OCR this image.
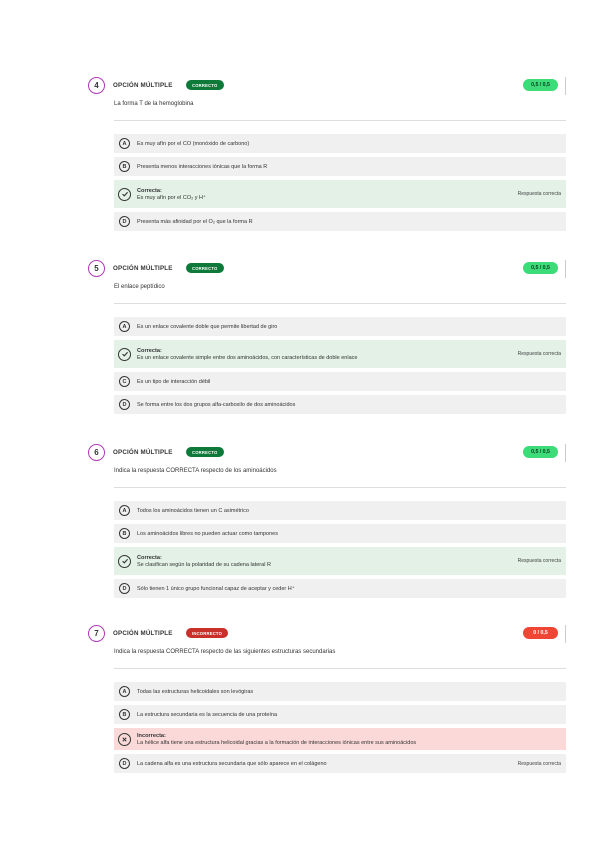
4	OPCIÓN MÚLTIPLE	CORRECTO	0,5 / 0,5
La forma T de la hemoglobina
A	Es muy afín por el CO (monóxido de carbono)
B	Presenta menos interacciones iónicas que la forma R
Correcta:
Es muy afín por el CO₂ y H⁺
Respuesta correcta
D	Presenta más afinidad por el O₂ que la forma R
5	OPCIÓN MÚLTIPLE	CORRECTO	0,5 / 0,5
El enlace peptídico
A	Es un enlace covalente doble que permite libertad de giro
Correcta:
Es un enlace covalente simple entre dos aminoácidos, con características de doble enlace
Respuesta correcta
C	Es un tipo de interacción débil
D	Se forma entre los dos grupos alfa-carboxilo de dos aminoácidos
6	OPCIÓN MÚLTIPLE	CORRECTO	0,5 / 0,5
Indica la respuesta CORRECTA respecto de los aminoácidos
A	Todos los aminoácidos tienen un C asimétrico
B	Los aminoácidos libres no pueden actuar como tampones
Correcta:
Se clasifican según la polaridad de su cadena lateral R
Respuesta correcta
D	Sólo tienen 1 único grupo funcional capaz de aceptar y ceder H⁺
7	OPCIÓN MÚLTIPLE	INCORRECTO	0 / 0,5
Indica la respuesta CORRECTA respecto de las siguientes estructuras secundarias
A	Todas las estructuras helicoidales son levógiras
B	La estructura secundaria es la secuencia de una proteína
Incorrecta:
La hélice alfa tiene una estructura helicoidal gracias a la formación de interacciones iónicas entre sus aminoácidos
D	La cadena alfa es una estructura secundaria que sólo aparece en el colágeno	Respuesta correcta
